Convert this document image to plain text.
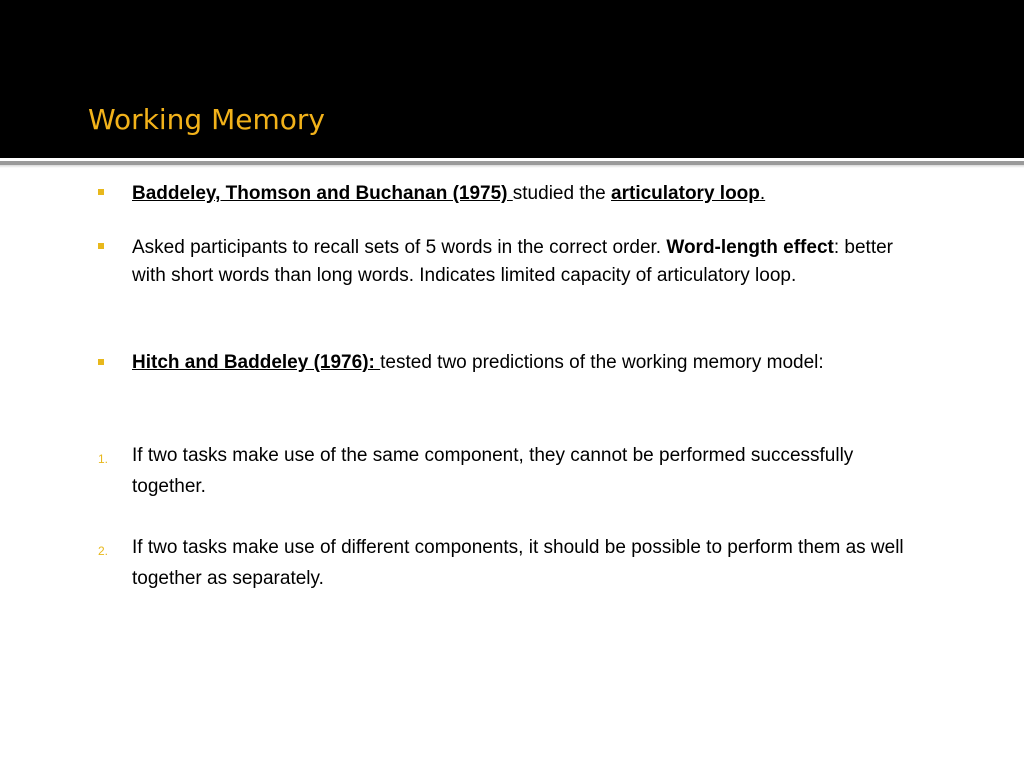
Working Memory
Baddeley, Thomson and Buchanan (1975) studied the articulatory loop.
Asked participants to recall sets of 5 words in the correct order. Word-length effect: better with short words than long words. Indicates limited capacity of articulatory loop.
Hitch and Baddeley (1976): tested two predictions of the working memory model:
1. If two tasks make use of the same component, they cannot be performed successfully together.
2. If two tasks make use of different components, it should be possible to perform them as well together as separately.
